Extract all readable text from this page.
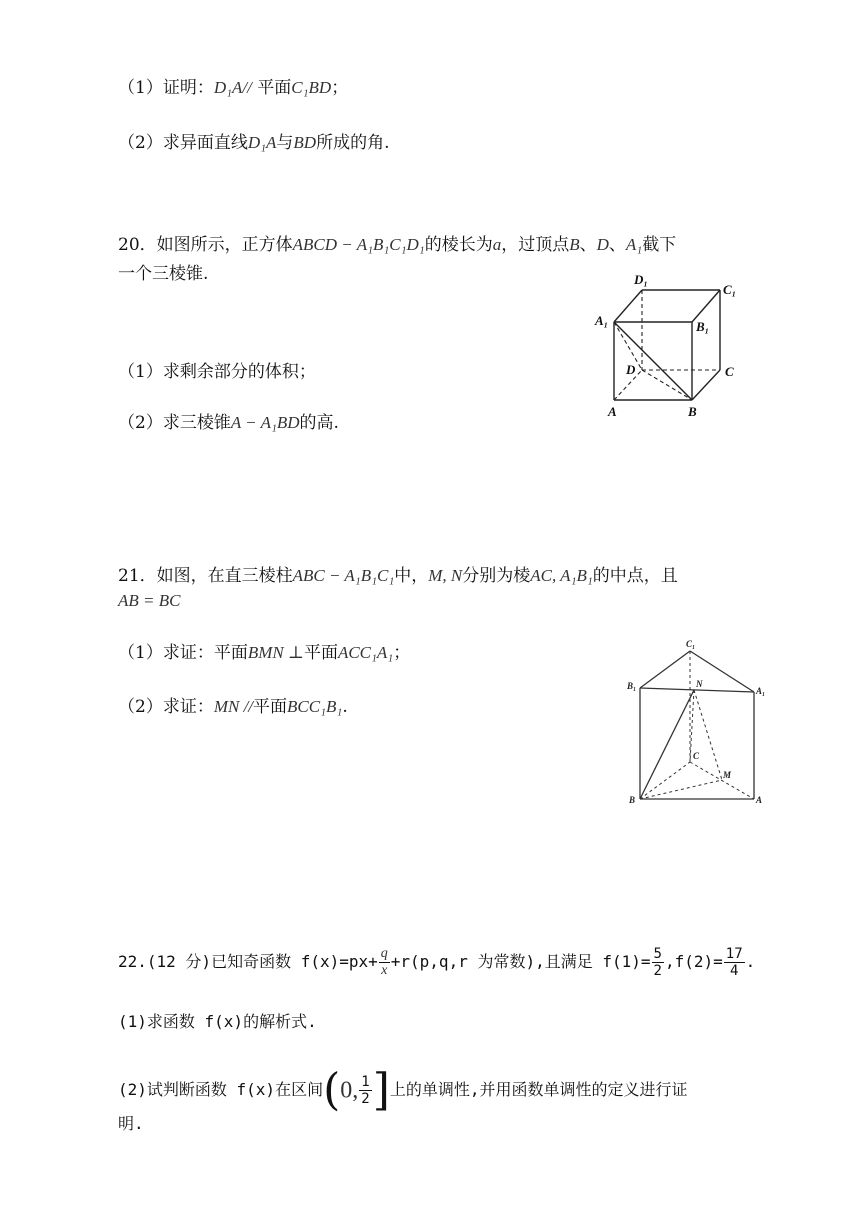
（1）证明：D₁A// 平面C₁BD；
（2）求异面直线D₁A与BD所成的角.
20．如图所示，正方体ABCD − A₁B₁C₁D₁的棱长为a，过顶点B、D、A₁截下
一个三棱锥.
（1）求剩余部分的体积；
（2）求三棱锥A − A₁BD的高.
D₁
C₁
A₁	B₁
D	C
A	B
21．如图，在直三棱柱ABC − A₁B₁C₁中，M, N分别为棱AC, A₁B₁的中点，且
AB = BC
（1）求证：平面BMN ⊥平面ACC₁A₁；
（2）求证：MN //平面BCC₁B₁.
C₁
B₁	A₁
N
C
M
B	A
22.(12 分)已知奇函数 $f(x)=px+ \frac{q}{x} +r(p,q,r$ 为常数),且满足 $f(1)= \frac{5}{2} ,f(2)= \frac{17}{4}$ .
(1)求函数 f(x)的解析式.
(2)试判断函数 f(x)在区间(0, $\frac{1}{2}$ ]上的单调性,并用函数单调性的定义进行证
明.
